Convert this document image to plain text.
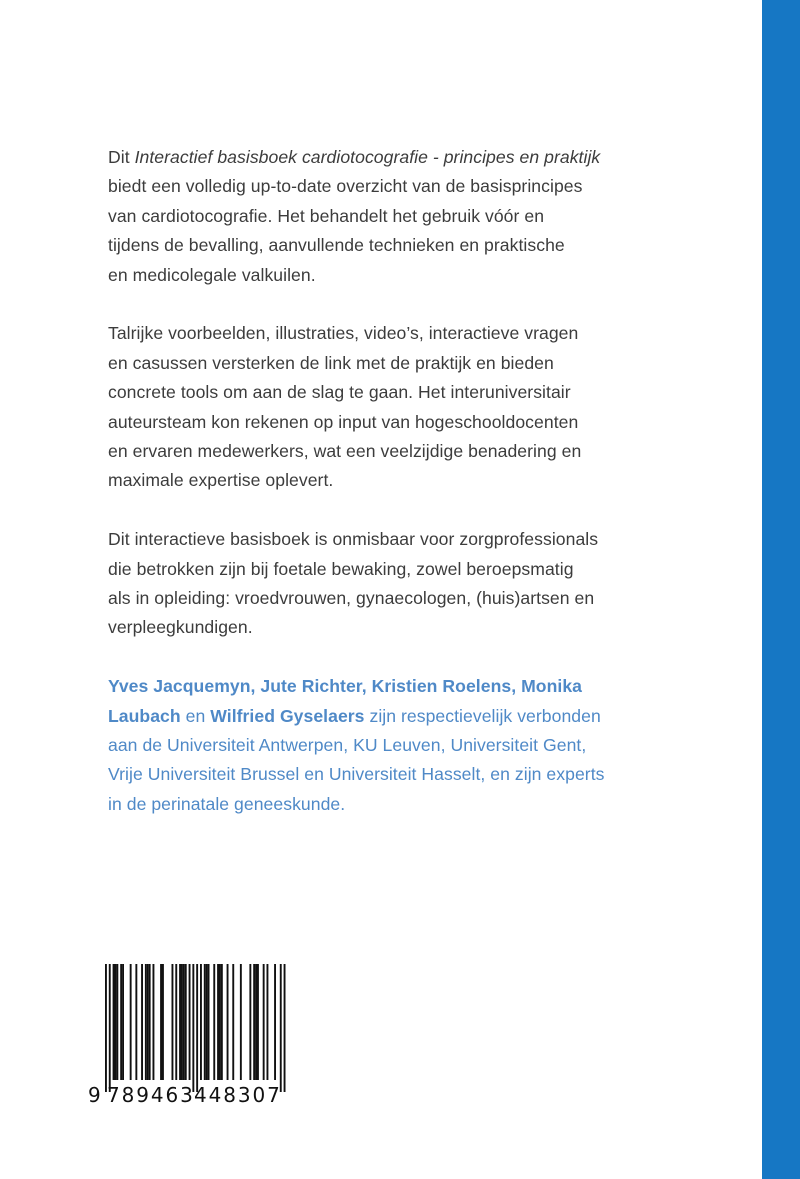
Dit Interactief basisboek cardiotocografie - principes en praktijk
biedt een volledig up-to-date overzicht van de basisprincipes
van cardiotocografie. Het behandelt het gebruik vóór en
tijdens de bevalling, aanvullende technieken en praktische
en medicolegale valkuilen.

Talrijke voorbeelden, illustraties, video’s, interactieve vragen
en casussen versterken de link met de praktijk en bieden
concrete tools om aan de slag te gaan. Het interuniversitair
auteursteam kon rekenen op input van hogeschooldocenten
en ervaren medewerkers, wat een veelzijdige benadering en
maximale expertise oplevert.

Dit interactieve basisboek is onmisbaar voor zorgprofessionals
die betrokken zijn bij foetale bewaking, zowel beroepsmatig
als in opleiding: vroedvrouwen, gynaecologen, (huis)artsen en
verpleegkundigen.

Yves Jacquemyn, Jute Richter, Kristien Roelens, Monika
Laubach en Wilfried Gyselaers zijn respectievelijk verbonden
aan de Universiteit Antwerpen, KU Leuven, Universiteit Gent,
Vrije Universiteit Brussel en Universiteit Hasselt, en zijn experts
in de perinatale geneeskunde.

9 789463 448307
